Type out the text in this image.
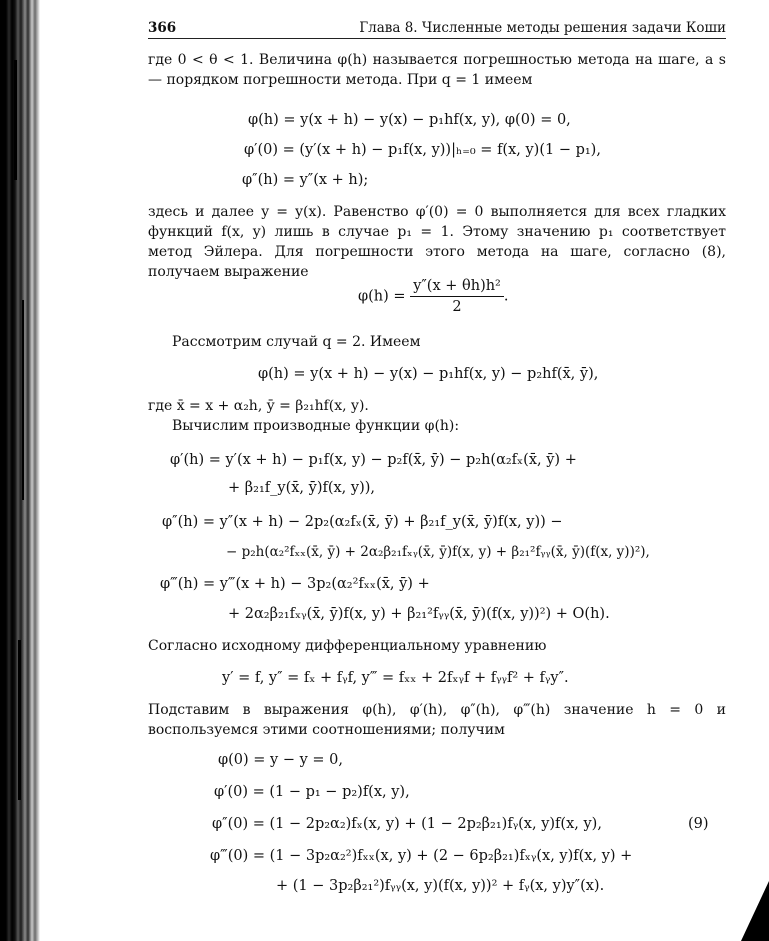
366	Глава 8. Численные методы решения задачи Коши

где 0 < θ < 1. Величина φ(h) называется погрешностью метода на шаге, а s — порядком погрешности метода. При q = 1 имеем

φ(h) = y(x + h) − y(x) − p₁hf(x, y), φ(0) = 0,
φ′(0) = (y′(x + h) − p₁f(x, y))|ₕ₌₀ = f(x, y)(1 − p₁),
φ″(h) = y″(x + h);

здесь и далее y = y(x). Равенство φ′(0) = 0 выполняется для всех гладких функций f(x, y) лишь в случае p₁ = 1. Этому значению p₁ соответствует метод Эйлера. Для погрешности этого метода на шаге, согласно (8), получаем выражение

$\varphi(h) = \frac{\text{y″(x + θh)h²}}{2}$ .

Рассмотрим случай q = 2. Имеем

φ(h) = y(x + h) − y(x) − p₁hf(x, y) − p₂hf(x̄, ȳ),

где x̄ = x + α₂h, ȳ = β₂₁hf(x, y).

Вычислим производные функции φ(h):

φ′(h) = y′(x + h) − p₁f(x, y) − p₂f(x̄, ȳ) − p₂h(α₂fₓ(x̄, ȳ) +
+ β₂₁f_y(x̄, ȳ)f(x, y)),
φ″(h) = y″(x + h) − 2p₂(α₂fₓ(x̄, ȳ) + β₂₁f_y(x̄, ȳ)f(x, y)) −
− p₂h(α₂²fₓₓ(x̄, ȳ) + 2α₂β₂₁fₓᵧ(x̄, ȳ)f(x, y) + β₂₁²fᵧᵧ(x̄, ȳ)(f(x, y))²),
φ‴(h) = y‴(x + h) − 3p₂(α₂²fₓₓ(x̄, ȳ) +
+ 2α₂β₂₁fₓᵧ(x̄, ȳ)f(x, y) + β₂₁²fᵧᵧ(x̄, ȳ)(f(x, y))²) + O(h).

Согласно исходному дифференциальному уравнению

y′ = f, y″ = fₓ + fᵧf, y‴ = fₓₓ + 2fₓᵧf + fᵧᵧf² + fᵧy″.

Подставим в выражения φ(h), φ′(h), φ″(h), φ‴(h) значение h = 0 и воспользуемся этими соотношениями; получим

φ(0) = y − y = 0,
φ′(0) = (1 − p₁ − p₂)f(x, y),
φ″(0) = (1 − 2p₂α₂)fₓ(x, y) + (1 − 2p₂β₂₁)fᵧ(x, y)f(x, y),	(9)
φ‴(0) = (1 − 3p₂α₂²)fₓₓ(x, y) + (2 − 6p₂β₂₁)fₓᵧ(x, y)f(x, y) +
+ (1 − 3p₂β₂₁²)fᵧᵧ(x, y)(f(x, y))² + fᵧ(x, y)y″(x).
